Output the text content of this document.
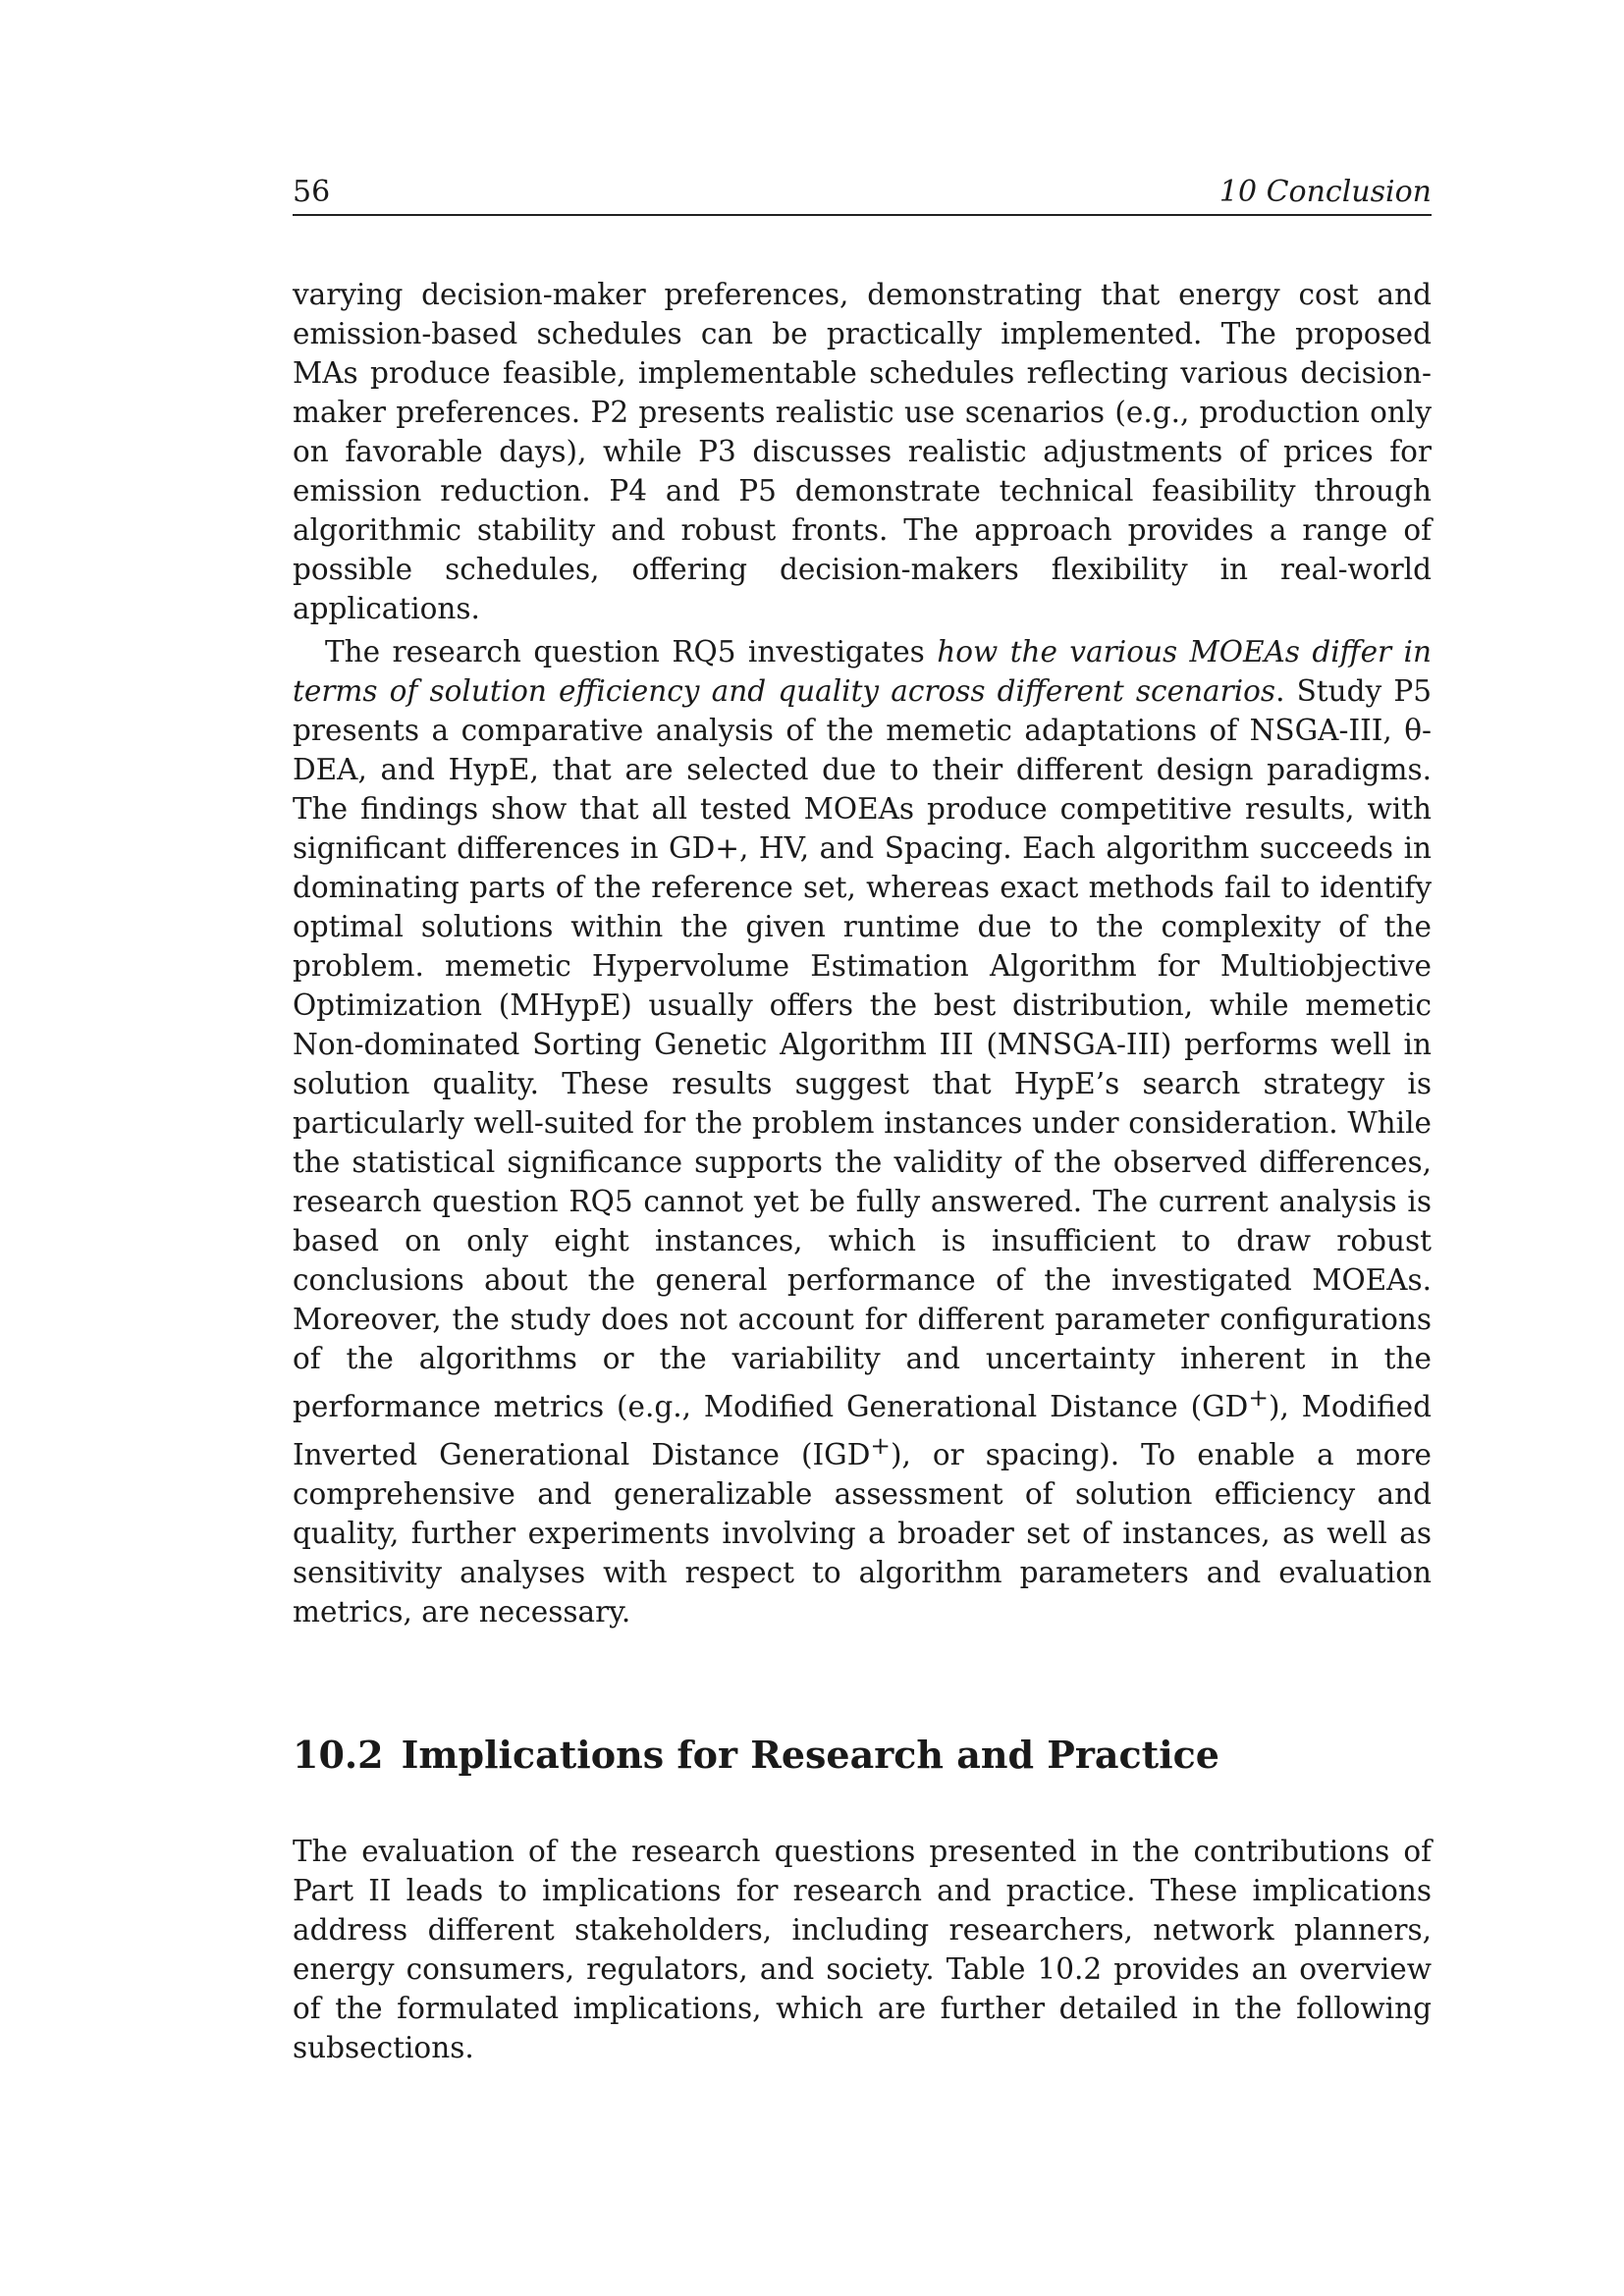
56	10 Conclusion

varying decision-maker preferences, demonstrating that energy cost and emission-based schedules can be practically implemented. The proposed MAs produce feasible, implementable schedules reflecting various decision-maker preferences. P2 presents realistic use scenarios (e.g., production only on favorable days), while P3 discusses realistic adjustments of prices for emission reduction. P4 and P5 demonstrate technical feasibility through algorithmic stability and robust fronts. The approach provides a range of possible schedules, offering decision-makers flexibility in real-world applications.

The research question RQ5 investigates how the various MOEAs differ in terms of solution efficiency and quality across different scenarios. Study P5 presents a comparative analysis of the memetic adaptations of NSGA-III, θ-DEA, and HypE, that are selected due to their different design paradigms. The findings show that all tested MOEAs produce competitive results, with significant differences in GD+, HV, and Spacing. Each algorithm succeeds in dominating parts of the reference set, whereas exact methods fail to identify optimal solutions within the given runtime due to the complexity of the problem. memetic Hypervolume Estimation Algorithm for Multiobjective Optimization (MHypE) usually offers the best distribution, while memetic Non-dominated Sorting Genetic Algorithm III (MNSGA-III) performs well in solution quality. These results suggest that HypE’s search strategy is particularly well-suited for the problem instances under consideration. While the statistical significance supports the validity of the observed differences, research question RQ5 cannot yet be fully answered. The current analysis is based on only eight instances, which is insufficient to draw robust conclusions about the general performance of the investigated MOEAs. Moreover, the study does not account for different parameter configurations of the algorithms or the variability and uncertainty inherent in the performance metrics (e.g., Modified Generational Distance (GD+), Modified Inverted Generational Distance (IGD+), or spacing). To enable a more comprehensive and generalizable assessment of solution efficiency and quality, further experiments involving a broader set of instances, as well as sensitivity analyses with respect to algorithm parameters and evaluation metrics, are necessary.

10.2 Implications for Research and Practice

The evaluation of the research questions presented in the contributions of Part II leads to implications for research and practice. These implications address different stakeholders, including researchers, network planners, energy consumers, regulators, and society. Table 10.2 provides an overview of the formulated implications, which are further detailed in the following subsections.
